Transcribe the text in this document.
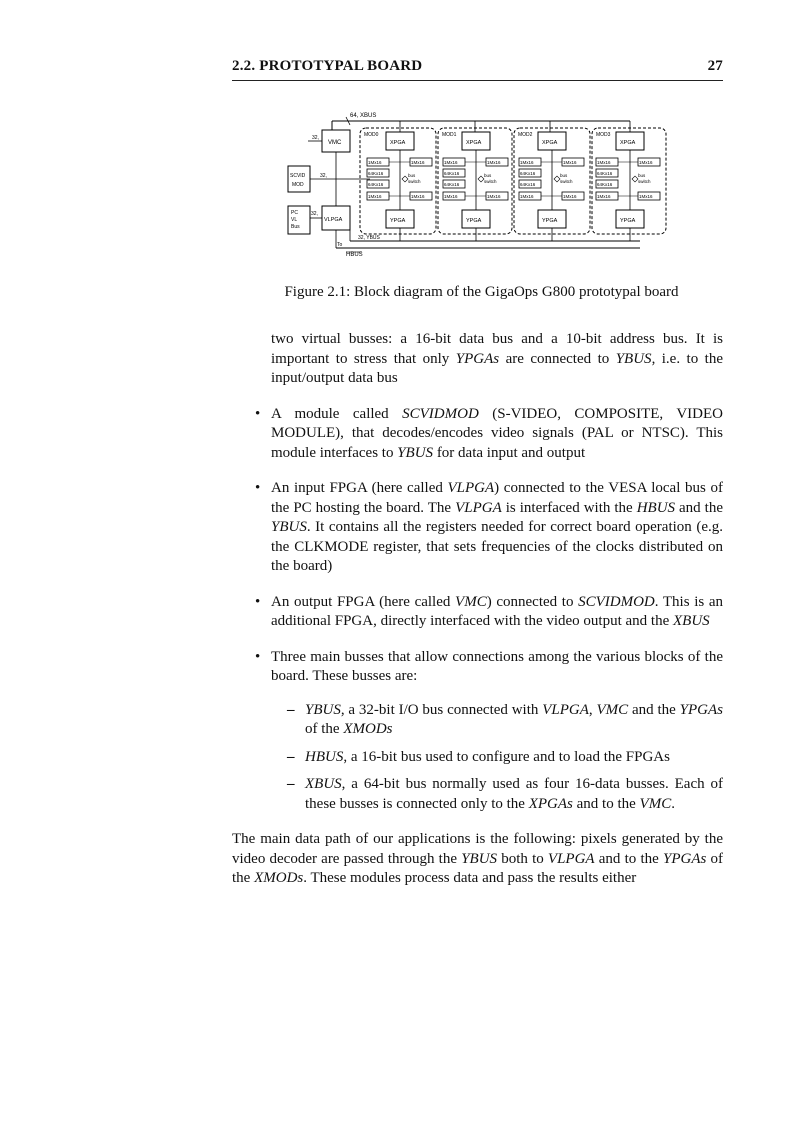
2.2. PROTOTYPAL BOARD	27
64, XBUS
VMC
32,
SCVID
MOD
32,
PC
VL
Bus
32,
VLPGA
32, YBUS
To
HBUS
MOD0
XPGA
YPGA
1Mx16
64Kx16
64Kx16
1Mx16
1Mx16
1Mx16
bus
switch
MOD1
XPGA
YPGA
1Mx16
64Kx16
64Kx16
1Mx16
1Mx16
1Mx16
bus
switch
MOD2
XPGA
YPGA
1Mx16
64Kx16
64Kx16
1Mx16
1Mx16
1Mx16
bus
switch
MOD3
XPGA
YPGA
1Mx16
64Kx16
64Kx16
1Mx16
1Mx16
1Mx16
bus
switch
Figure 2.1: Block diagram of the GigaOps G800 prototypal board

two virtual busses: a 16-bit data bus and a 10-bit address bus. It is important to stress that only YPGAs are connected to YBUS, i.e. to the input/output data bus

• A module called SCVIDMOD (S-VIDEO, COMPOSITE, VIDEO MODULE), that decodes/encodes video signals (PAL or NTSC). This module interfaces to YBUS for data input and output
• An input FPGA (here called VLPGA) connected to the VESA local bus of the PC hosting the board. The VLPGA is interfaced with the HBUS and the YBUS. It contains all the registers needed for correct board operation (e.g. the CLKMODE register, that sets frequencies of the clocks distributed on the board)
• An output FPGA (here called VMC) connected to SCVIDMOD. This is an additional FPGA, directly interfaced with the video output and the XBUS
• Three main busses that allow connections among the various blocks of the board. These busses are:
– YBUS, a 32-bit I/O bus connected with VLPGA, VMC and the YPGAs of the XMODs
– HBUS, a 16-bit bus used to configure and to load the FPGAs
– XBUS, a 64-bit bus normally used as four 16-data busses. Each of these busses is connected only to the XPGAs and to the VMC.

The main data path of our applications is the following: pixels generated by the video decoder are passed through the YBUS both to VLPGA and to the YPGAs of the XMODs. These modules process data and pass the results either
